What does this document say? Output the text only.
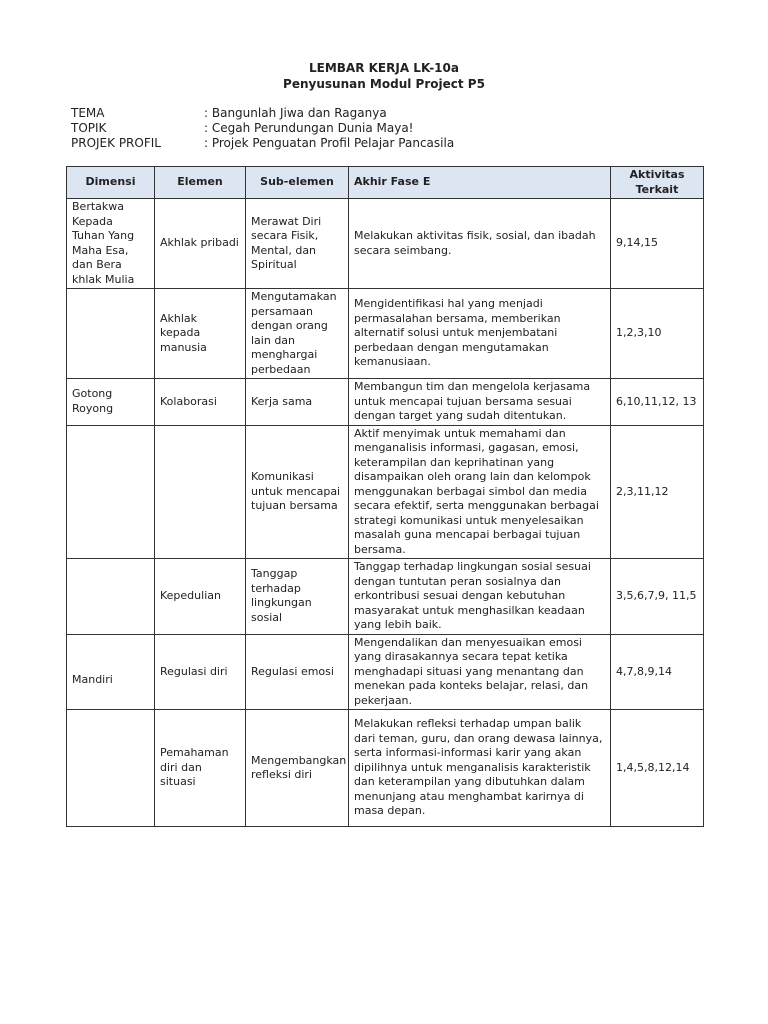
LEMBAR KERJA LK-10a
Penyusunan Modul Project P5
TEMA	: Bangunlah Jiwa dan Raganya
TOPIK	: Cegah Perundungan Dunia Maya!
PROJEK PROFIL	: Projek Penguatan Profil Pelajar Pancasila
Dimensi	Elemen	Sub-elemen	Akhir Fase E	Aktivitas Terkait
Bertakwa Kepada Tuhan Yang Maha Esa, dan Bera khlak Mulia	Akhlak pribadi	Merawat Diri secara Fisik, Mental, dan Spiritual	Melakukan aktivitas fisik, sosial, dan ibadah secara seimbang.	9,14,15
	Akhlak kepada manusia	Mengutamakan persamaan dengan orang lain dan menghargai perbedaan	Mengidentifikasi hal yang menjadi permasalahan bersama, memberikan alternatif solusi untuk menjembatani perbedaan dengan mengutamakan kemanusiaan.	1,2,3,10
Gotong Royong	Kolaborasi	Kerja sama	Membangun tim dan mengelola kerjasama untuk mencapai tujuan bersama sesuai dengan target yang sudah ditentukan.	6,10,11,12, 13
		Komunikasi untuk mencapai tujuan bersama	Aktif menyimak untuk memahami dan menganalisis informasi, gagasan, emosi, keterampilan dan keprihatinan yang disampaikan oleh orang lain dan kelompok menggunakan berbagai simbol dan media secara efektif, serta menggunakan berbagai strategi komunikasi untuk menyelesaikan masalah guna mencapai berbagai tujuan bersama.	2,3,11,12
	Kepedulian	Tanggap terhadap lingkungan sosial	Tanggap terhadap lingkungan sosial sesuai dengan tuntutan peran sosialnya dan erkontribusi sesuai dengan kebutuhan masyarakat untuk menghasilkan keadaan yang lebih baik.	3,5,6,7,9, 11,5
Mandiri	Regulasi diri	Regulasi emosi	Mengendalikan dan menyesuaikan emosi yang dirasakannya secara tepat ketika menghadapi situasi yang menantang dan menekan pada konteks belajar, relasi, dan pekerjaan.	4,7,8,9,14
	Pemahaman diri dan situasi	Mengembangkan refleksi diri	Melakukan refleksi terhadap umpan balik dari teman, guru, dan orang dewasa lainnya, serta informasi-informasi karir yang akan dipilihnya untuk menganalisis karakteristik dan keterampilan yang dibutuhkan dalam menunjang atau menghambat karirnya di masa depan.	1,4,5,8,12,14
